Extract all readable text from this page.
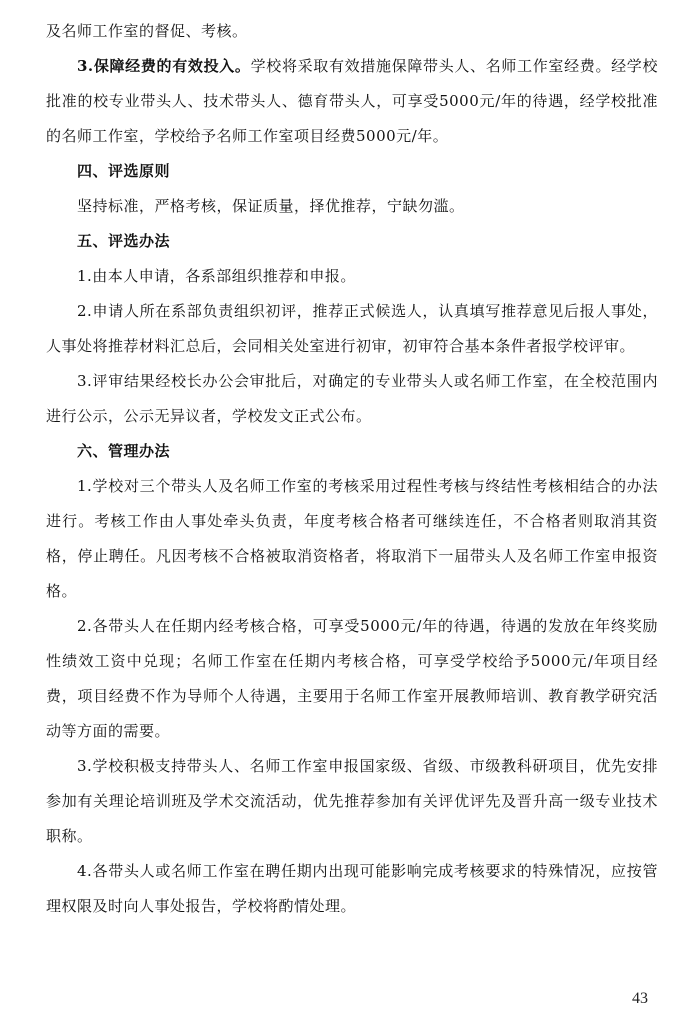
及名师工作室的督促、考核。

3.保障经费的有效投入。学校将采取有效措施保障带头人、名师工作室经费。经学校批准的校专业带头人、技术带头人、德育带头人，可享受5000元/年的待遇，经学校批准的名师工作室，学校给予名师工作室项目经费5000元/年。

四、评选原则

坚持标准，严格考核，保证质量，择优推荐，宁缺勿滥。

五、评选办法

1.由本人申请，各系部组织推荐和申报。

2.申请人所在系部负责组织初评，推荐正式候选人，认真填写推荐意见后报人事处，人事处将推荐材料汇总后，会同相关处室进行初审，初审符合基本条件者报学校评审。

3.评审结果经校长办公会审批后，对确定的专业带头人或名师工作室，在全校范围内进行公示，公示无异议者，学校发文正式公布。

六、管理办法

1.学校对三个带头人及名师工作室的考核采用过程性考核与终结性考核相结合的办法进行。考核工作由人事处牵头负责，年度考核合格者可继续连任，不合格者则取消其资格，停止聘任。凡因考核不合格被取消资格者，将取消下一届带头人及名师工作室申报资格。

2.各带头人在任期内经考核合格，可享受5000元/年的待遇，待遇的发放在年终奖励性绩效工资中兑现；名师工作室在任期内考核合格，可享受学校给予5000元/年项目经费，项目经费不作为导师个人待遇，主要用于名师工作室开展教师培训、教育教学研究活动等方面的需要。

3.学校积极支持带头人、名师工作室申报国家级、省级、市级教科研项目，优先安排参加有关理论培训班及学术交流活动，优先推荐参加有关评优评先及晋升高一级专业技术职称。

4.各带头人或名师工作室在聘任期内出现可能影响完成考核要求的特殊情况，应按管理权限及时向人事处报告，学校将酌情处理。

43
